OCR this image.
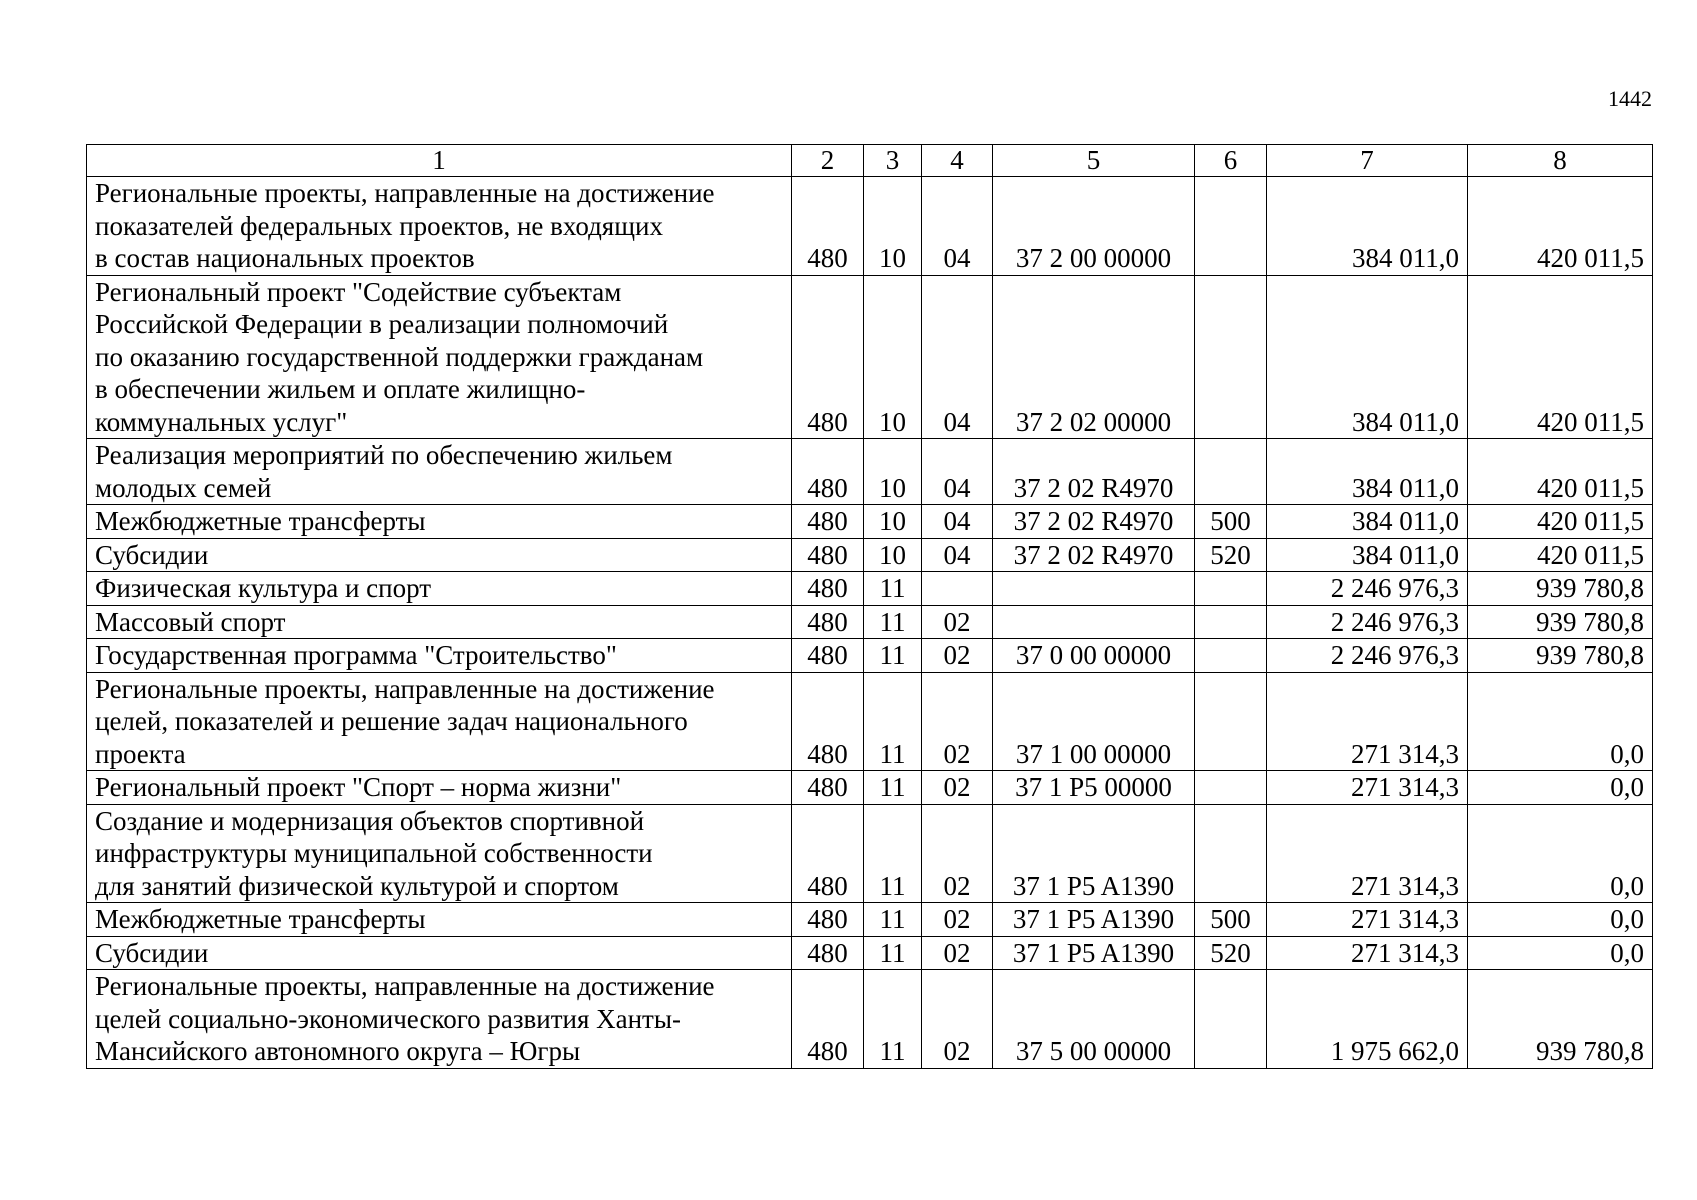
1442
1	2	3	4	5	6	7	8
Региональные проекты, направленные на достижение
показателей федеральных проектов, не входящих
в состав национальных проектов	480	10	04	37 2 00 00000		384 011,0	420 011,5
Региональный проект "Содействие субъектам
Российской Федерации в реализации полномочий
по оказанию государственной поддержки гражданам
в обеспечении жильем и оплате жилищно-
коммунальных услуг"	480	10	04	37 2 02 00000		384 011,0	420 011,5
Реализация мероприятий по обеспечению жильем
молодых семей	480	10	04	37 2 02 R4970		384 011,0	420 011,5
Межбюджетные трансферты	480	10	04	37 2 02 R4970	500	384 011,0	420 011,5
Субсидии	480	10	04	37 2 02 R4970	520	384 011,0	420 011,5
Физическая культура и спорт	480	11				2 246 976,3	939 780,8
Массовый спорт	480	11	02			2 246 976,3	939 780,8
Государственная программа "Строительство"	480	11	02	37 0 00 00000		2 246 976,3	939 780,8
Региональные проекты, направленные на достижение
целей, показателей и решение задач национального
проекта	480	11	02	37 1 00 00000		271 314,3	0,0
Региональный проект "Спорт – норма жизни"	480	11	02	37 1 P5 00000		271 314,3	0,0
Создание и модернизация объектов спортивной
инфраструктуры муниципальной собственности
для занятий физической культурой и спортом	480	11	02	37 1 P5 A1390		271 314,3	0,0
Межбюджетные трансферты	480	11	02	37 1 P5 A1390	500	271 314,3	0,0
Субсидии	480	11	02	37 1 P5 A1390	520	271 314,3	0,0
Региональные проекты, направленные на достижение
целей социально-экономического развития Ханты-
Мансийского автономного округа – Югры	480	11	02	37 5 00 00000		1 975 662,0	939 780,8
